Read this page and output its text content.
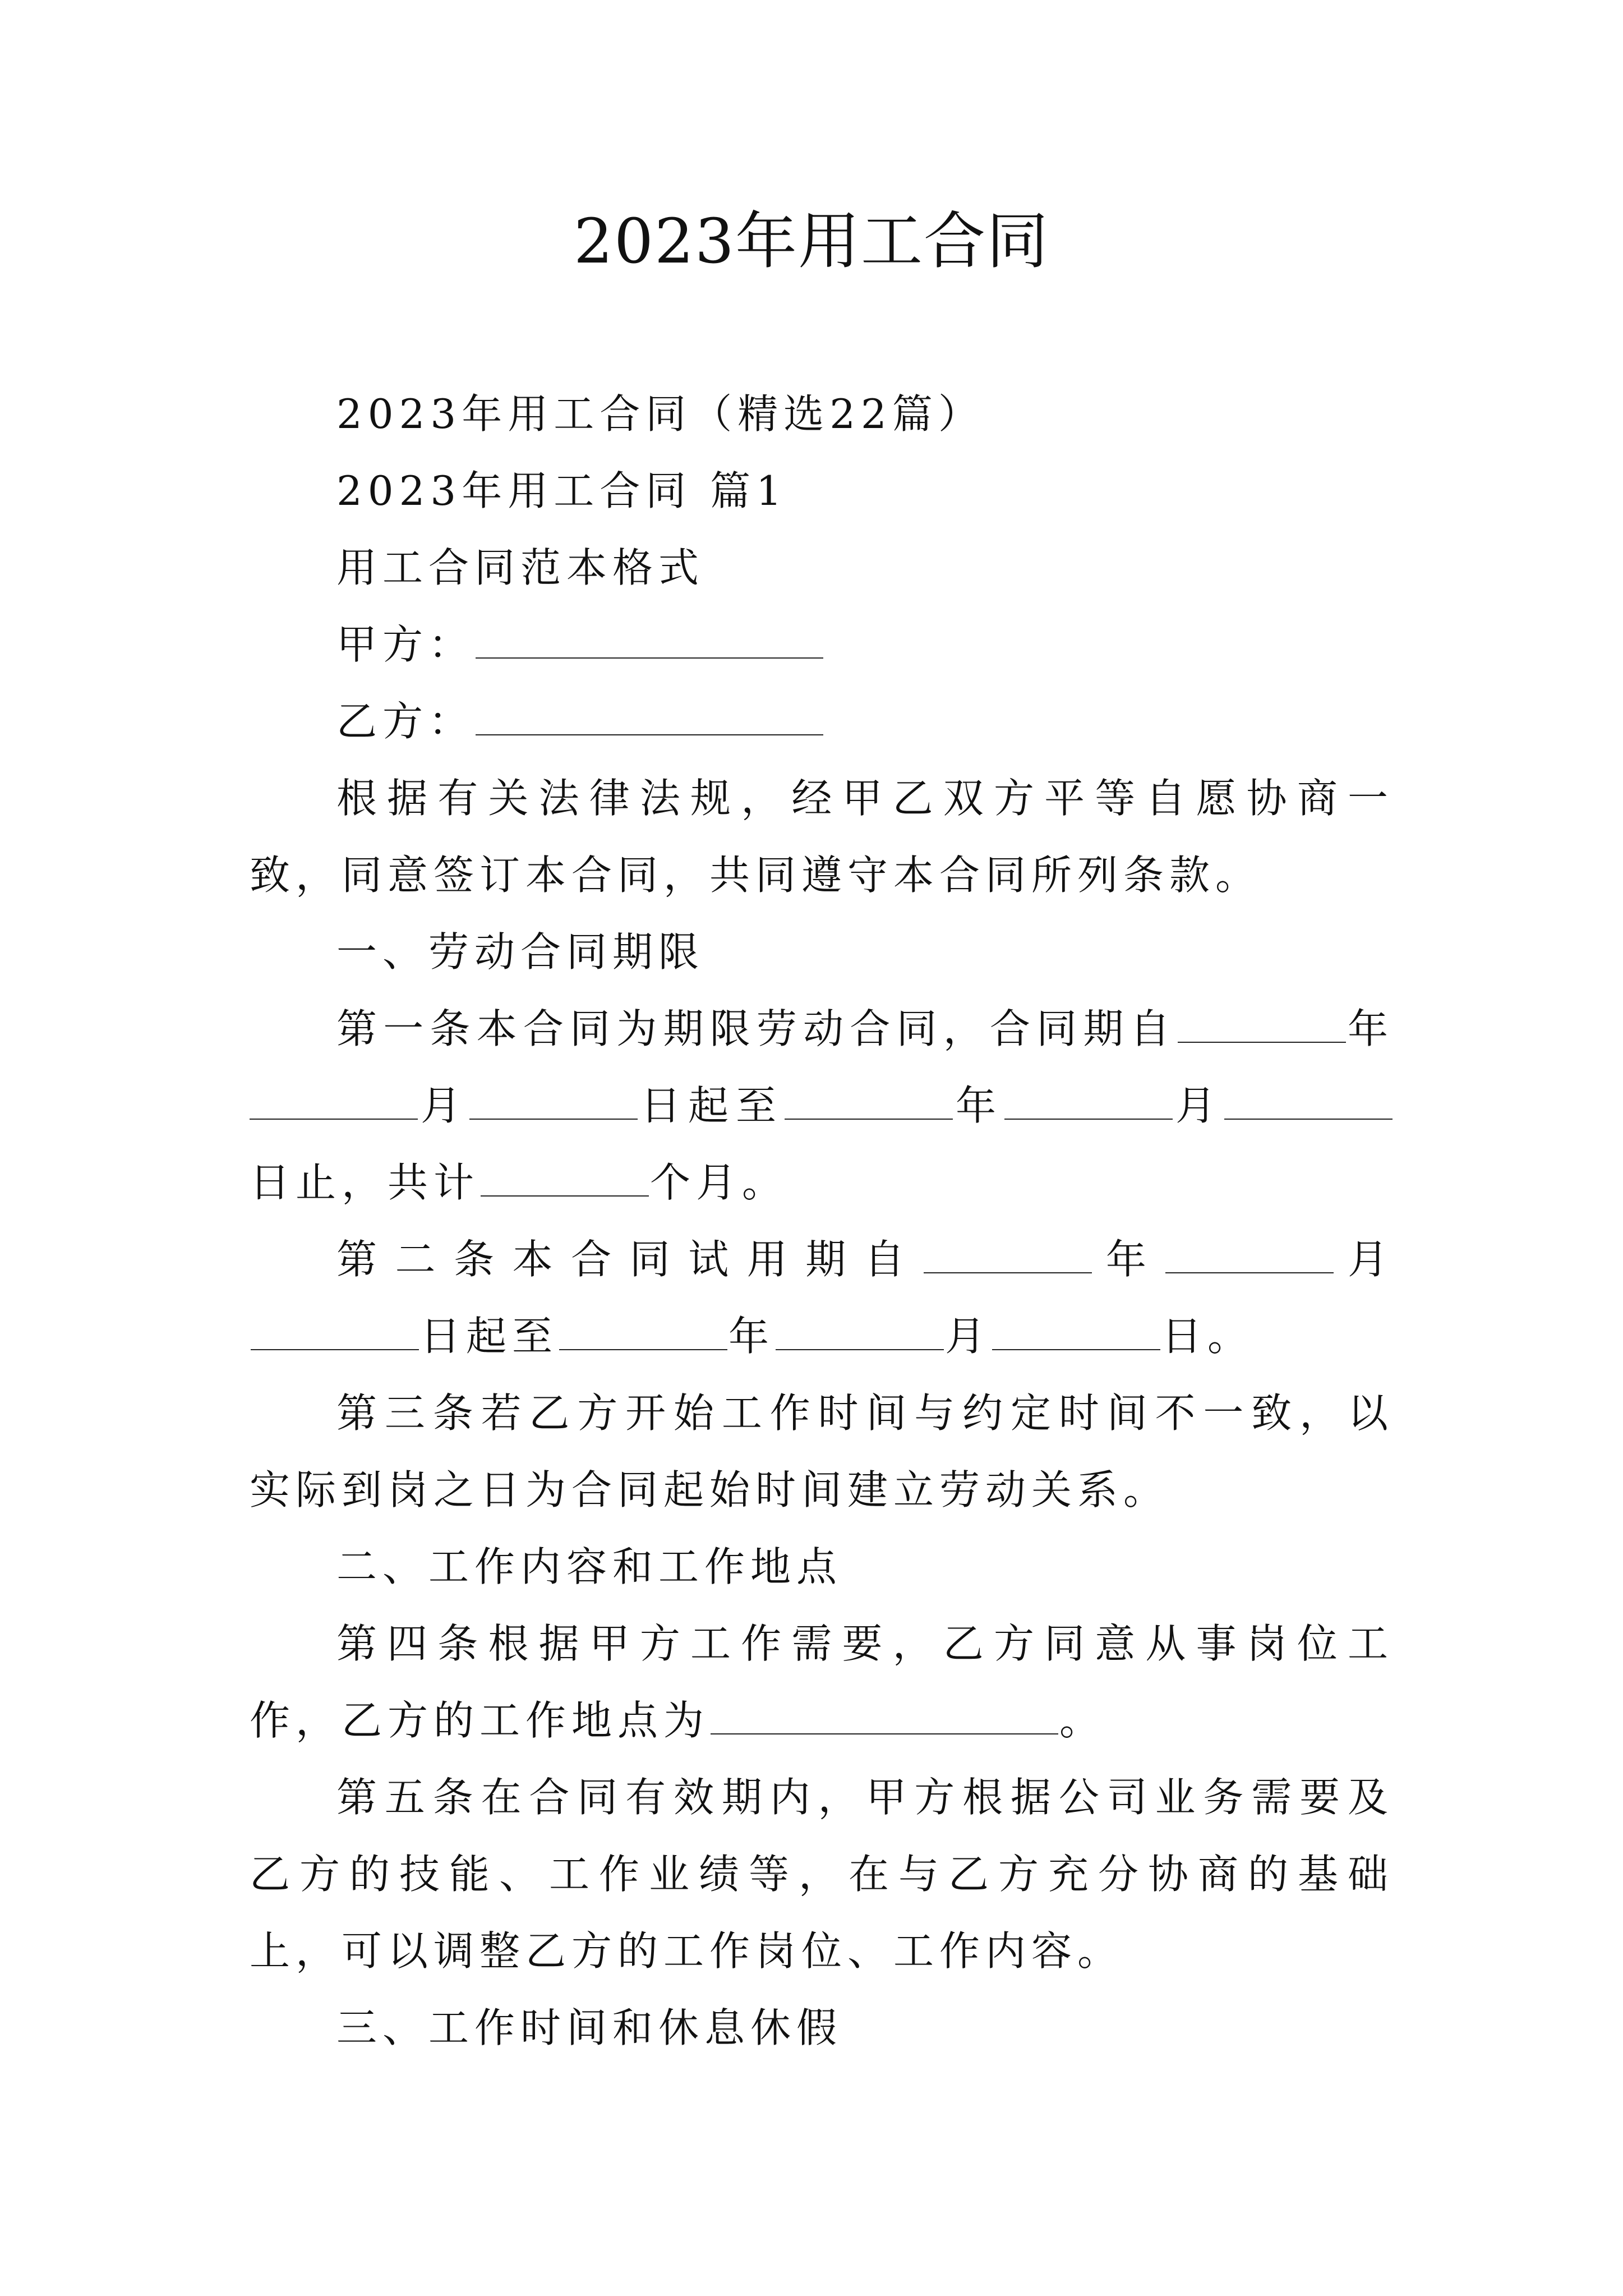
2023年用工合同

2023年用工合同（精选22篇）

2023年用工合同 篇1

用工合同范本格式

甲方：

乙方：

根据有关法律法规，经甲乙双方平等自愿协商一致，同意签订本合同，共同遵守本合同所列条款。

一、劳动合同期限

第一条本合同为期限劳动合同，合同期自	年月	日起至	年	月日止，共计	个月。

第二条本合同试用期自	年	月日起至	年	月	日。

第三条若乙方开始工作时间与约定时间不一致，以实际到岗之日为合同起始时间建立劳动关系。

二、工作内容和工作地点

第四条根据甲方工作需要，乙方同意从事岗位工作，乙方的工作地点为	。

第五条在合同有效期内，甲方根据公司业务需要及乙方的技能、工作业绩等，在与乙方充分协商的基础上，可以调整乙方的工作岗位、工作内容。

三、工作时间和休息休假
